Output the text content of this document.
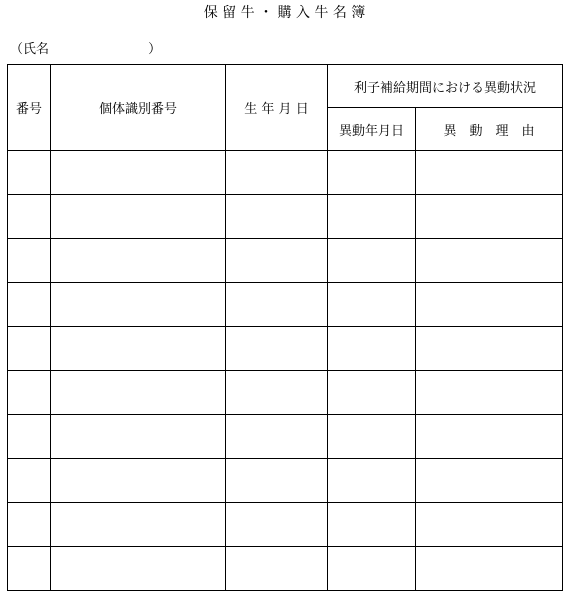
保 留 牛 ・ 購 入 牛 名 簿
（氏名                        ）
番号	個体識別番号	生 年 月 日	利子補給期間における異動状況	
			異動年月日	異　動　理　由
